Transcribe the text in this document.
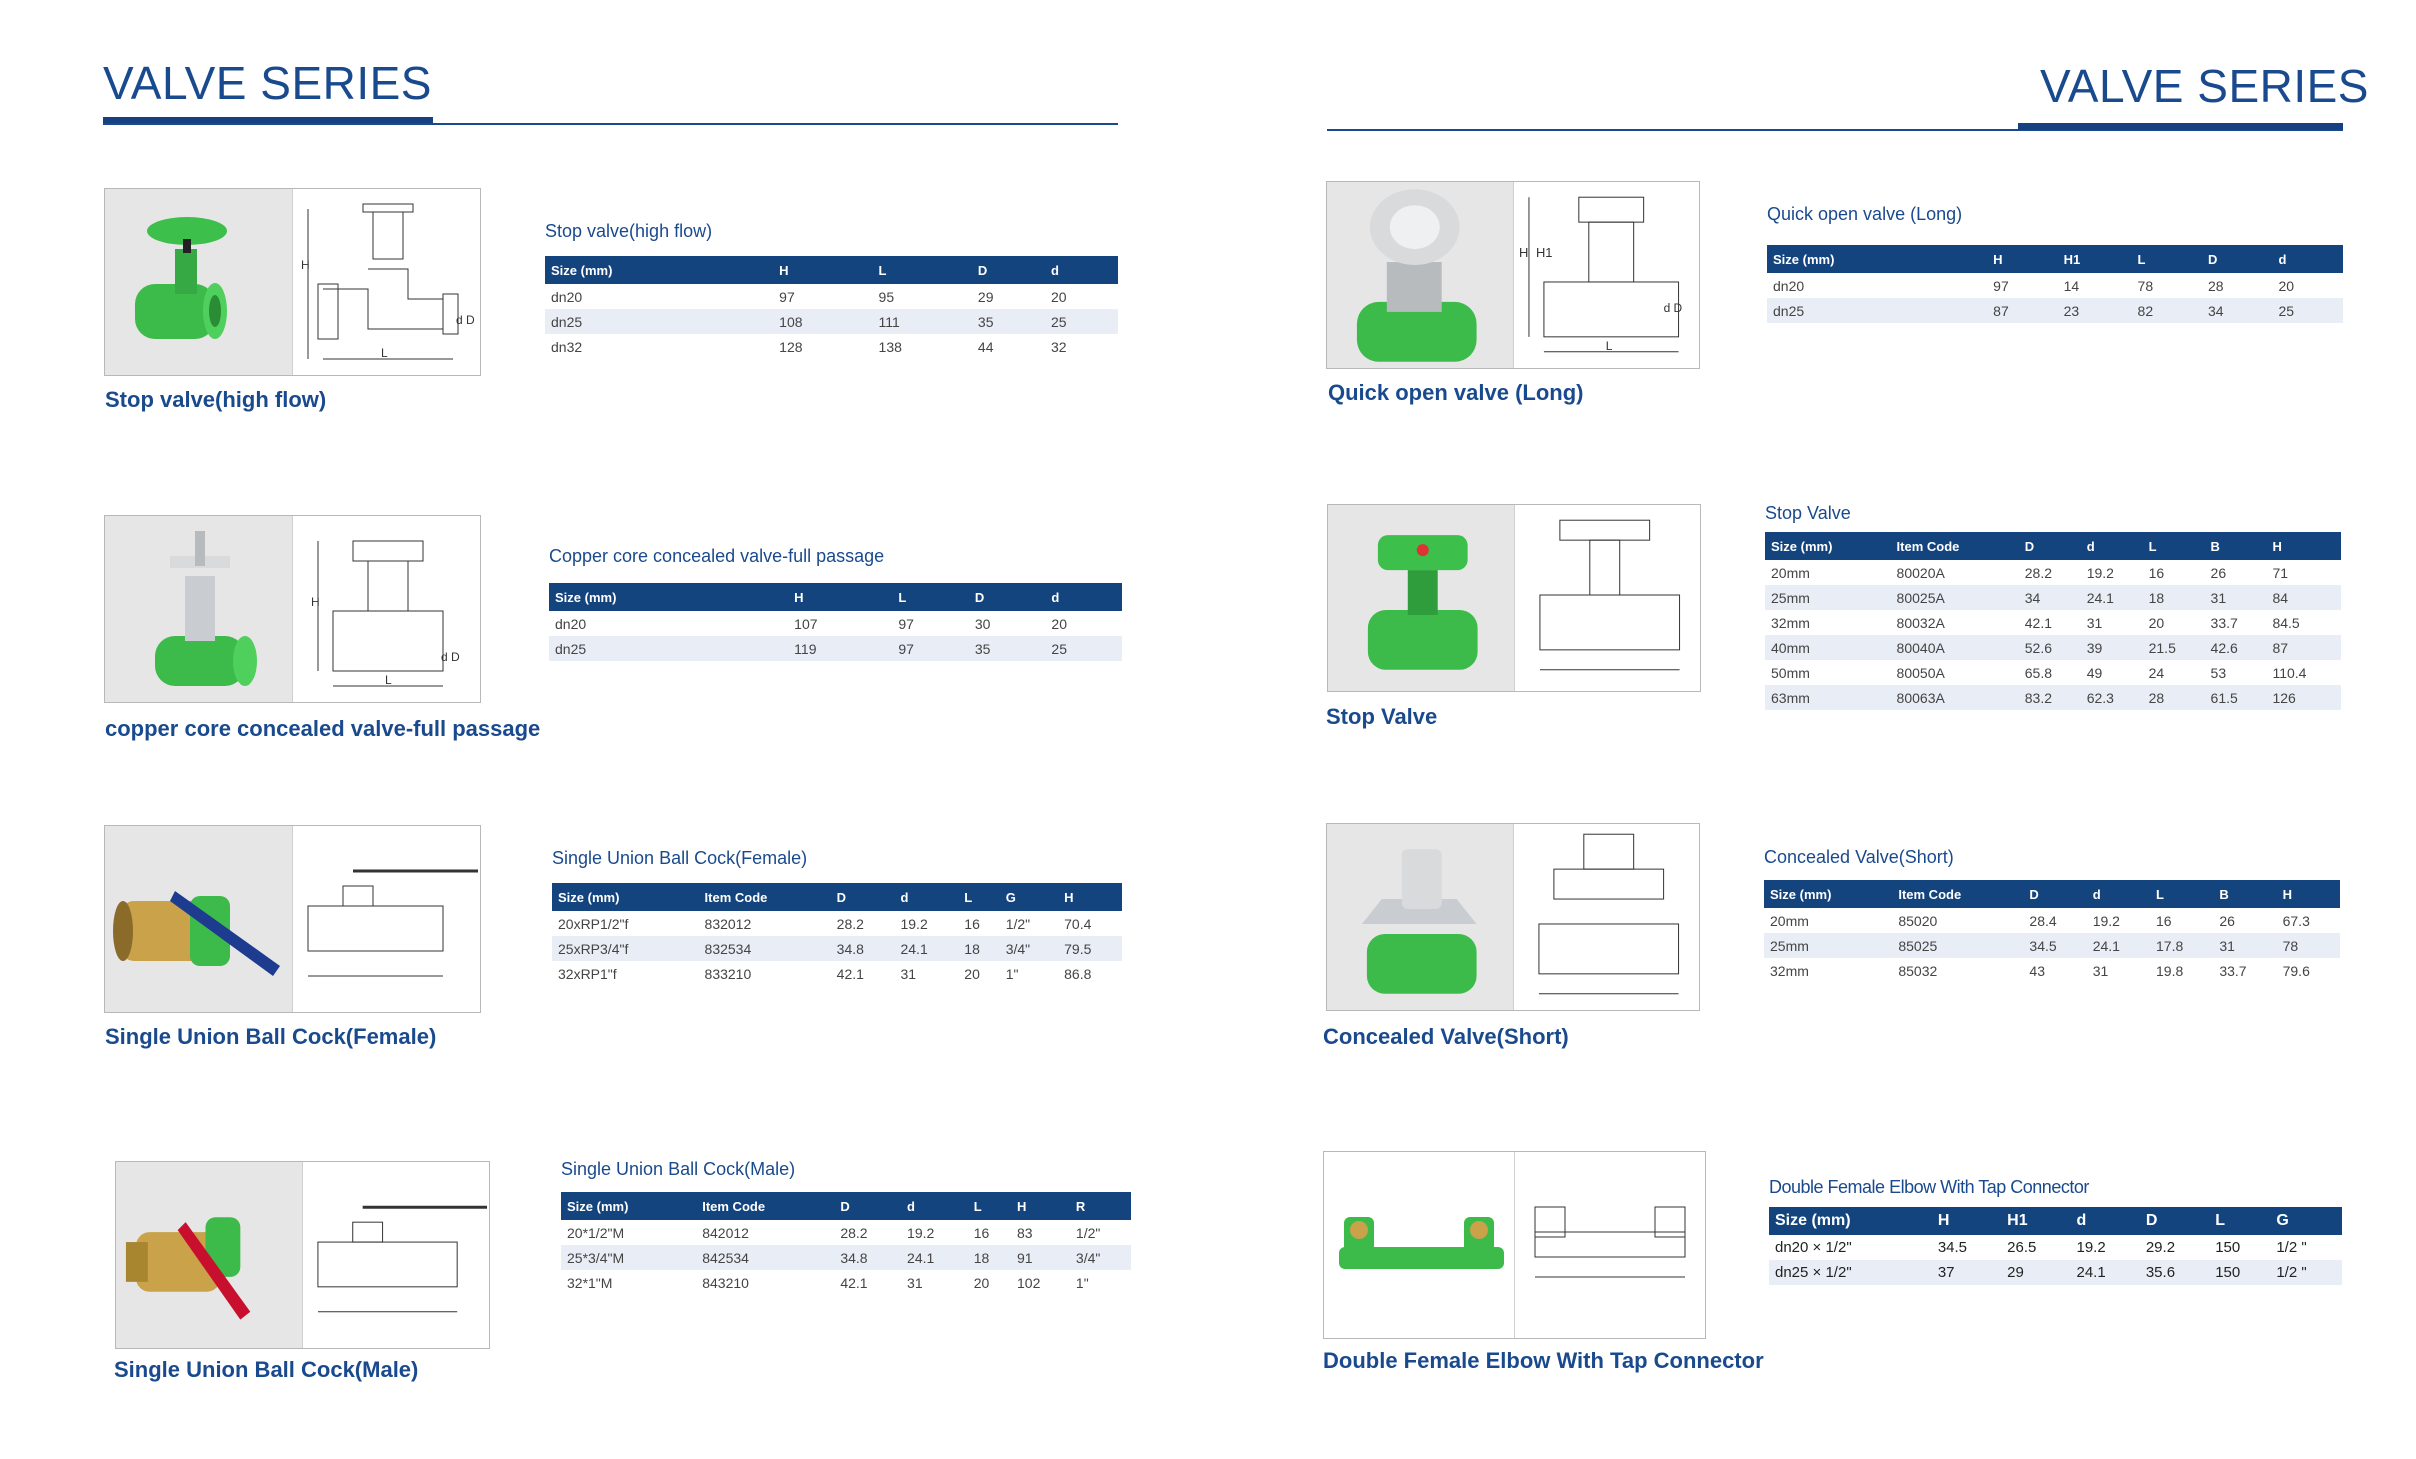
VALVE SERIES	VALVE SERIES
H
L
d D
Stop valve(high flow)
Stop valve(high flow)
Size (mm)	H	L	D	d
dn20	97	95	29	20
dn25	108	111	35	25
dn32	128	138	44	32
H
L
d D
copper core concealed valve-full passage
Copper core concealed valve-full passage
Size (mm)	H	L	D	d
dn20	107	97	30	20
dn25	119	97	35	25
Single Union Ball Cock(Female)
Single Union Ball Cock(Female)
Size (mm)	Item Code	D	d	L	G	H
20xRP1/2"f	832012	28.2	19.2	16	1/2"	70.4
25xRP3/4"f	832534	34.8	24.1	18	3/4"	79.5
32xRP1"f	833210	42.1	31	20	1"	86.8
Single Union Ball Cock(Male)
Single Union Ball Cock(Male)
Size (mm)	Item Code	D	d	L	H	R
20*1/2"M	842012	28.2	19.2	16	83	1/2"
25*3/4"M	842534	34.8	24.1	18	91	3/4"
32*1"M	843210	42.1	31	20	102	1"
H H1
L
d D
Quick open valve (Long)
Quick open valve (Long)
Size (mm)	H	H1	L	D	d
dn20	97	14	78	28	20
dn25	87	23	82	34	25
Stop Valve
Stop Valve
Size (mm)	Item Code	D	d	L	B	H
20mm	80020A	28.2	19.2	16	26	71
25mm	80025A	34	24.1	18	31	84
32mm	80032A	42.1	31	20	33.7	84.5
40mm	80040A	52.6	39	21.5	42.6	87
50mm	80050A	65.8	49	24	53	110.4
63mm	80063A	83.2	62.3	28	61.5	126
Concealed Valve(Short)
Concealed Valve(Short)
Size (mm)	Item Code	D	d	L	B	H
20mm	85020	28.4	19.2	16	26	67.3
25mm	85025	34.5	24.1	17.8	31	78
32mm	85032	43	31	19.8	33.7	79.6
Double Female Elbow With Tap Connector
Double Female Elbow With Tap Connector
Size (mm)	H	H1	d	D	L	G
dn20 × 1/2"	34.5	26.5	19.2	29.2	150	1/2 "
dn25 × 1/2"	37	29	24.1	35.6	150	1/2 "
